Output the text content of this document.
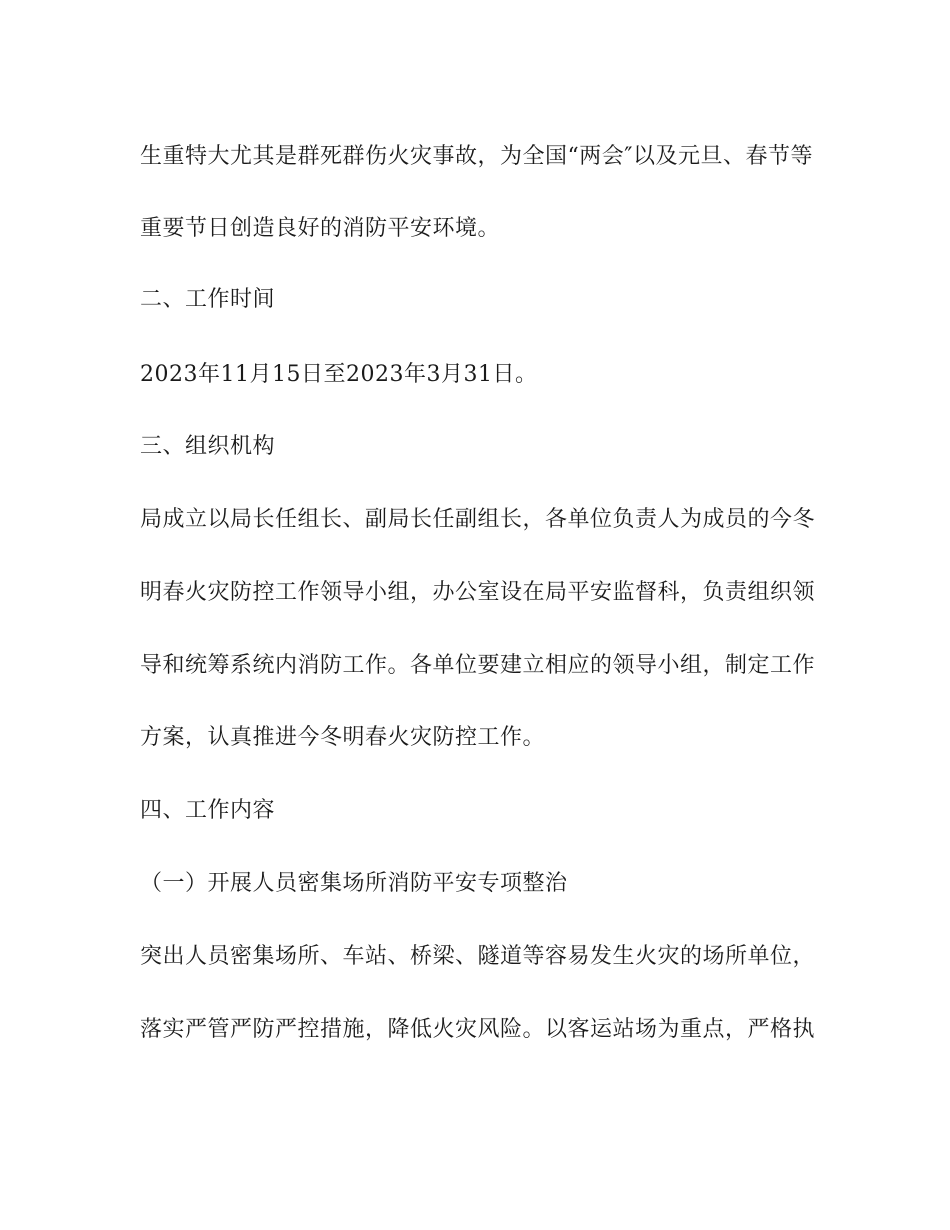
生重特大尤其是群死群伤火灾事故，为全国“两会″以及元旦、春节等
重要节日创造良好的消防平安环境。
二、工作时间
2023年11月15日至2023年3月31日。
三、组织机构
局成立以局长任组长、副局长任副组长，各单位负责人为成员的今冬
明春火灾防控工作领导小组，办公室设在局平安监督科，负责组织领
导和统筹系统内消防工作。各单位要建立相应的领导小组，制定工作
方案，认真推进今冬明春火灾防控工作。
四、工作内容
（一）开展人员密集场所消防平安专项整治
突出人员密集场所、车站、桥梁、隧道等容易发生火灾的场所单位，
落实严管严防严控措施，降低火灾风险。以客运站场为重点，严格执
